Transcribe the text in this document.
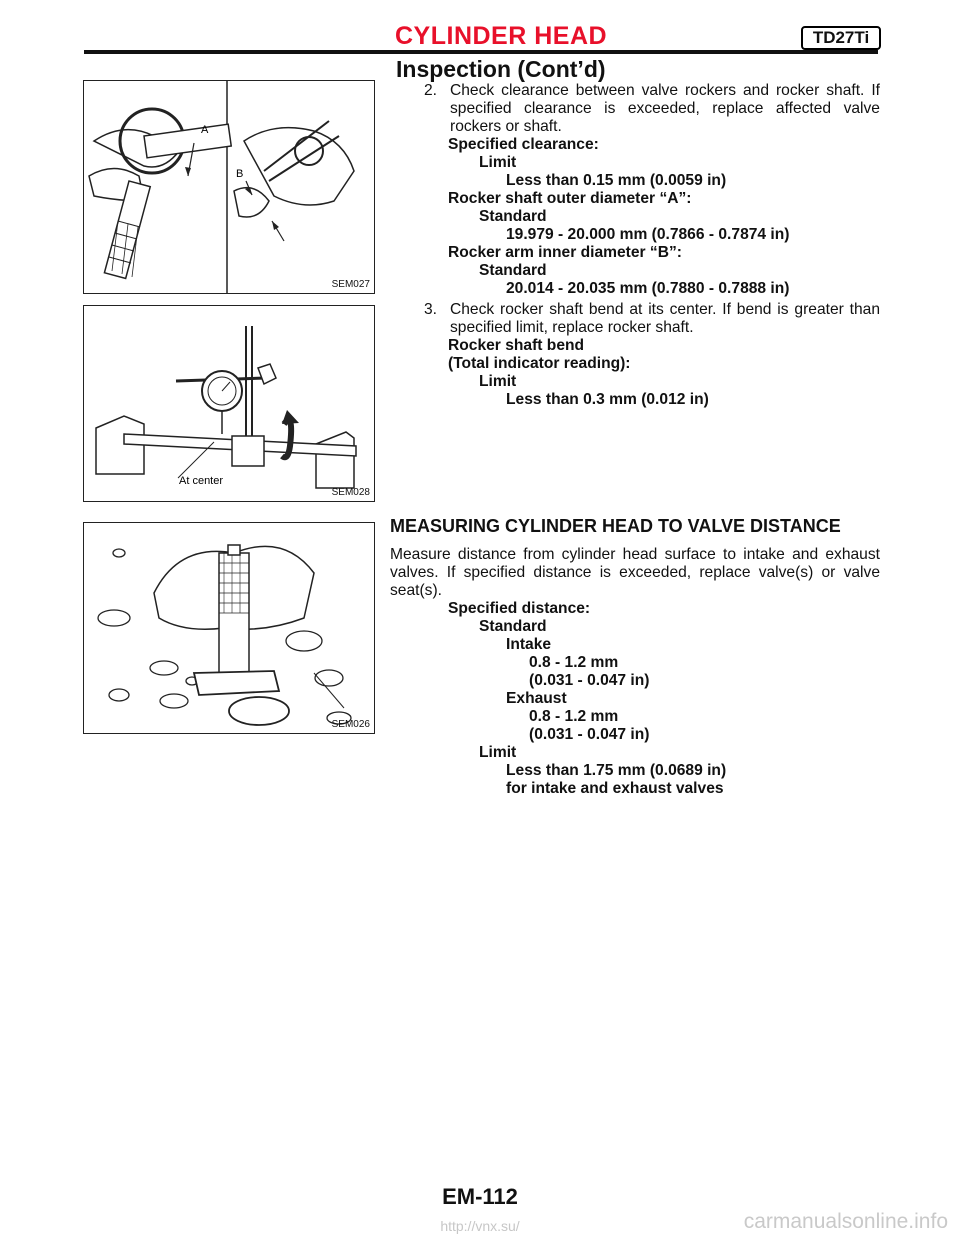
CYLINDER HEAD	TD27Ti
Inspection (Cont’d)
A
B
SEM027
At center
SEM028
SEM026
2. Check clearance between valve rockers and rocker shaft. If specified clearance is exceeded, replace affected valve rockers or shaft.

Specified clearance:

Limit

Less than 0.15 mm (0.0059 in)

Rocker shaft outer diameter “A”:

Standard

19.979 - 20.000 mm (0.7866 - 0.7874 in)

Rocker arm inner diameter “B”:

Standard

20.014 - 20.035 mm (0.7880 - 0.7888 in)

3. Check rocker shaft bend at its center. If bend is greater than specified limit, replace rocker shaft.

Rocker shaft bend

(Total indicator reading):

Limit

Less than 0.3 mm (0.012 in)

MEASURING CYLINDER HEAD TO VALVE DISTANCE

Measure distance from cylinder head surface to intake and exhaust valves. If specified distance is exceeded, replace valve(s) or valve seat(s).

Specified distance:

Standard

Intake

0.8 - 1.2 mm

(0.031 - 0.047 in)

Exhaust

0.8 - 1.2 mm

(0.031 - 0.047 in)

Limit

Less than 1.75 mm (0.0689 in)

for intake and exhaust valves

EM-112
http://vnx.su/	carmanualsonline.info
